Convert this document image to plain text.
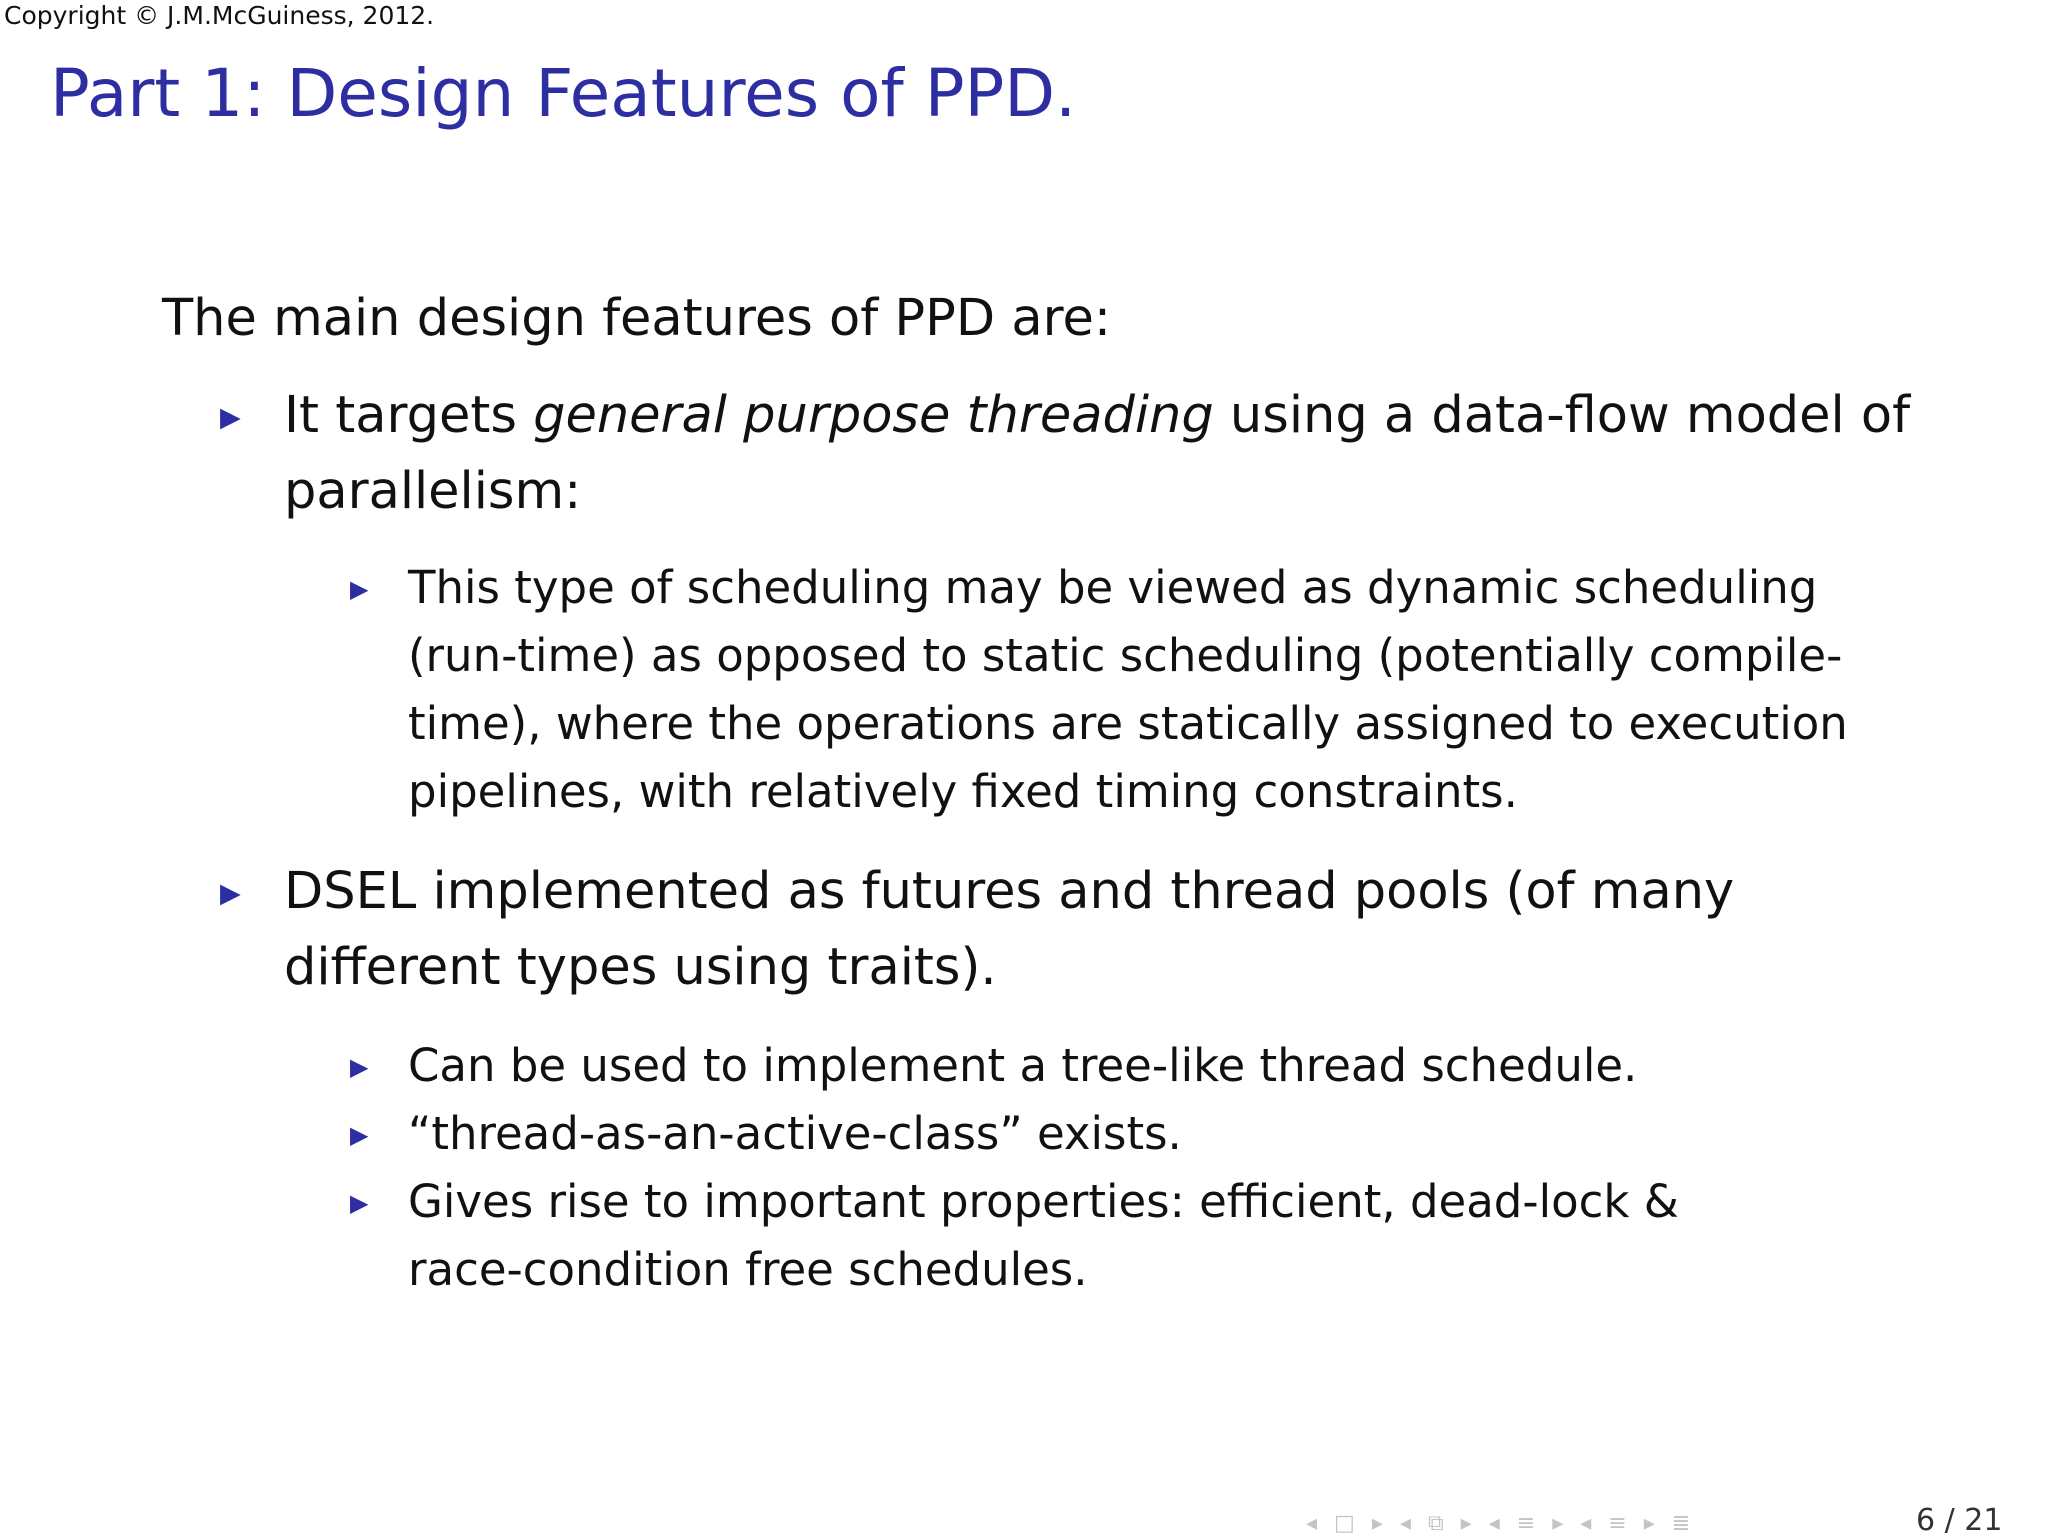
Copyright © J.M.McGuiness, 2012.
Part 1: Design Features of PPD.
The main design features of PPD are:
▶ It targets general purpose threading using a data-flow model of parallelism:
▶ This type of scheduling may be viewed as dynamic scheduling (run-time) as opposed to static scheduling (potentially compile-time), where the operations are statically assigned to execution pipelines, with relatively fixed timing constraints.
▶ DSEL implemented as futures and thread pools (of many different types using traits).
▶ Can be used to implement a tree-like thread schedule.
▶ “thread-as-an-active-class” exists.
▶ Gives rise to important properties: efficient, dead-lock & race-condition free schedules.
◂ □ ▸ ◂ ⧉ ▸ ◂ ≡ ▸ ◂ ≡ ▸ ≣	6 / 21
